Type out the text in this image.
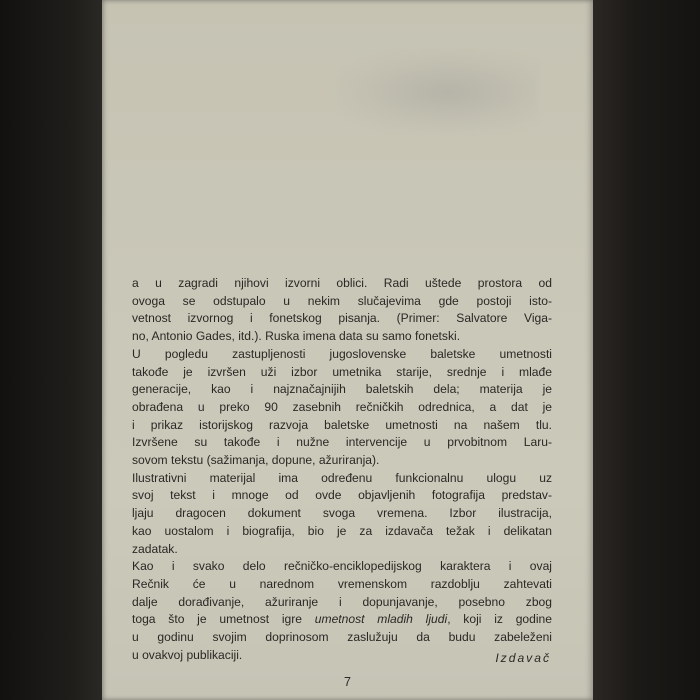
a u zagradi njihovi izvorni oblici. Radi uštede prostora od
ovoga se odstupalo u nekim slučajevima gde postoji isto-
vetnost izvornog i fonetskog pisanja. (Primer: Salvatore Viga-
no, Antonio Gades, itd.). Ruska imena data su samo fonetski.
U pogledu zastupljenosti jugoslovenske baletske umetnosti
takođe je izvršen uži izbor umetnika starije, srednje i mlađe
generacije, kao i najznačajnijih baletskih dela; materija je
obrađena u preko 90 zasebnih rečničkih odrednica, a dat je
i prikaz istorijskog razvoja baletske umetnosti na našem tlu.
Izvršene su takođe i nužne intervencije u prvobitnom Laru-
sovom tekstu (sažimanja, dopune, ažuriranja).
Ilustrativni materijal ima određenu funkcionalnu ulogu uz
svoj tekst i mnoge od ovde objavljenih fotografija predstav-
ljaju dragocen dokument svoga vremena. Izbor ilustracija,
kao uostalom i biografija, bio je za izdavača težak i delikatan
zadatak.
Kao i svako delo rečničko-enciklopedijskog karaktera i ovaj
Rečnik će u narednom vremenskom razdoblju zahtevati
dalje dorađivanje, ažuriranje i dopunjavanje, posebno zbog
toga što je umetnost igre umetnost mladih ljudi, koji iz godine
u godinu svojim doprinosom zaslužuju da budu zabeleženi
u ovakvoj publikaciji.	Izdavač
7
